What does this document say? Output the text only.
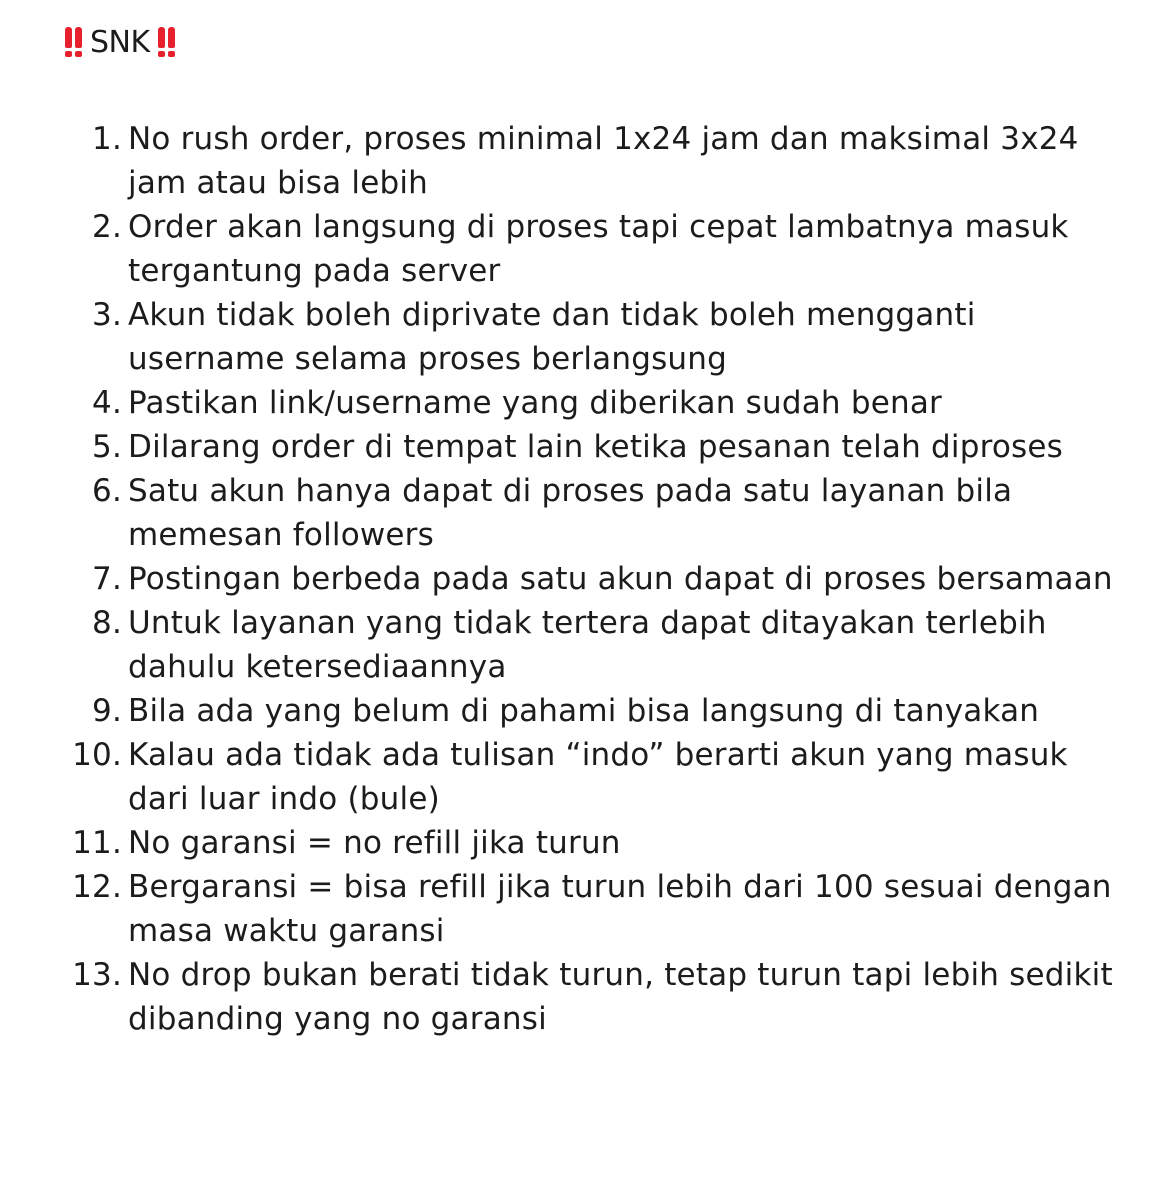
SNK
1. No rush order, proses minimal 1x24 jam dan maksimal 3x24 jam atau bisa lebih
2. Order akan langsung di proses tapi cepat lambatnya masuk tergantung pada server
3. Akun tidak boleh diprivate dan tidak boleh mengganti username selama proses berlangsung
4. Pastikan link/username yang diberikan sudah benar
5. Dilarang order di tempat lain ketika pesanan telah diproses
6. Satu akun hanya dapat di proses pada satu layanan bila memesan followers
7. Postingan berbeda pada satu akun dapat di proses bersamaan
8. Untuk layanan yang tidak tertera dapat ditayakan terlebih dahulu ketersediaannya
9. Bila ada yang belum di pahami bisa langsung di tanyakan
10. Kalau ada tidak ada tulisan “indo” berarti akun yang masuk dari luar indo (bule)
11. No garansi = no refill jika turun
12. Bergaransi = bisa refill jika turun lebih dari 100 sesuai dengan masa waktu garansi
13. No drop bukan berati tidak turun, tetap turun tapi lebih sedikit dibanding yang no garansi
